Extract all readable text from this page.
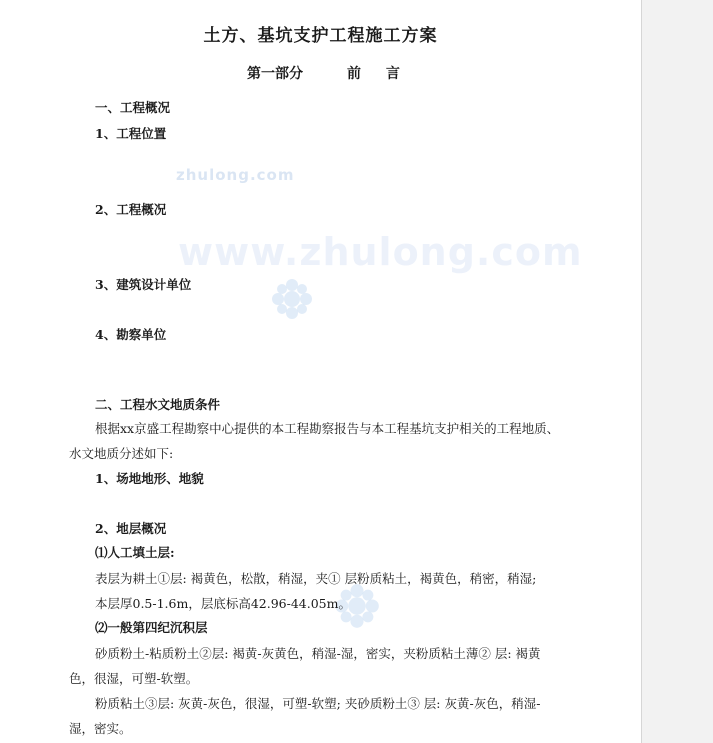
zhulong.com
www.zhulong.com
土方、基坑支护工程施工方案
第一部分	前 言
一、工程概况
1、工程位置
2、工程概况
3、建筑设计单位
4、勘察单位
二、工程水文地质条件
根据xx京盛工程勘察中心提供的本工程勘察报告与本工程基坑支护相关的工程地质、
水文地质分述如下:
1、场地地形、地貌
2、地层概况
⑴人工填土层:
表层为耕土①层: 褐黄色，松散，稍湿，夹① 层粉质粘土，褐黄色，稍密，稍湿;
本层厚0.5-1.6m，层底标高42.96-44.05m。
⑵一般第四纪沉积层
砂质粉土-粘质粉土②层: 褐黄-灰黄色，稍湿-湿，密实，夹粉质粘土薄② 层: 褐黄
色，很湿，可塑-软塑。
粉质粘土③层: 灰黄-灰色，很湿，可塑-软塑; 夹砂质粉土③ 层: 灰黄-灰色，稍湿-
湿，密实。
